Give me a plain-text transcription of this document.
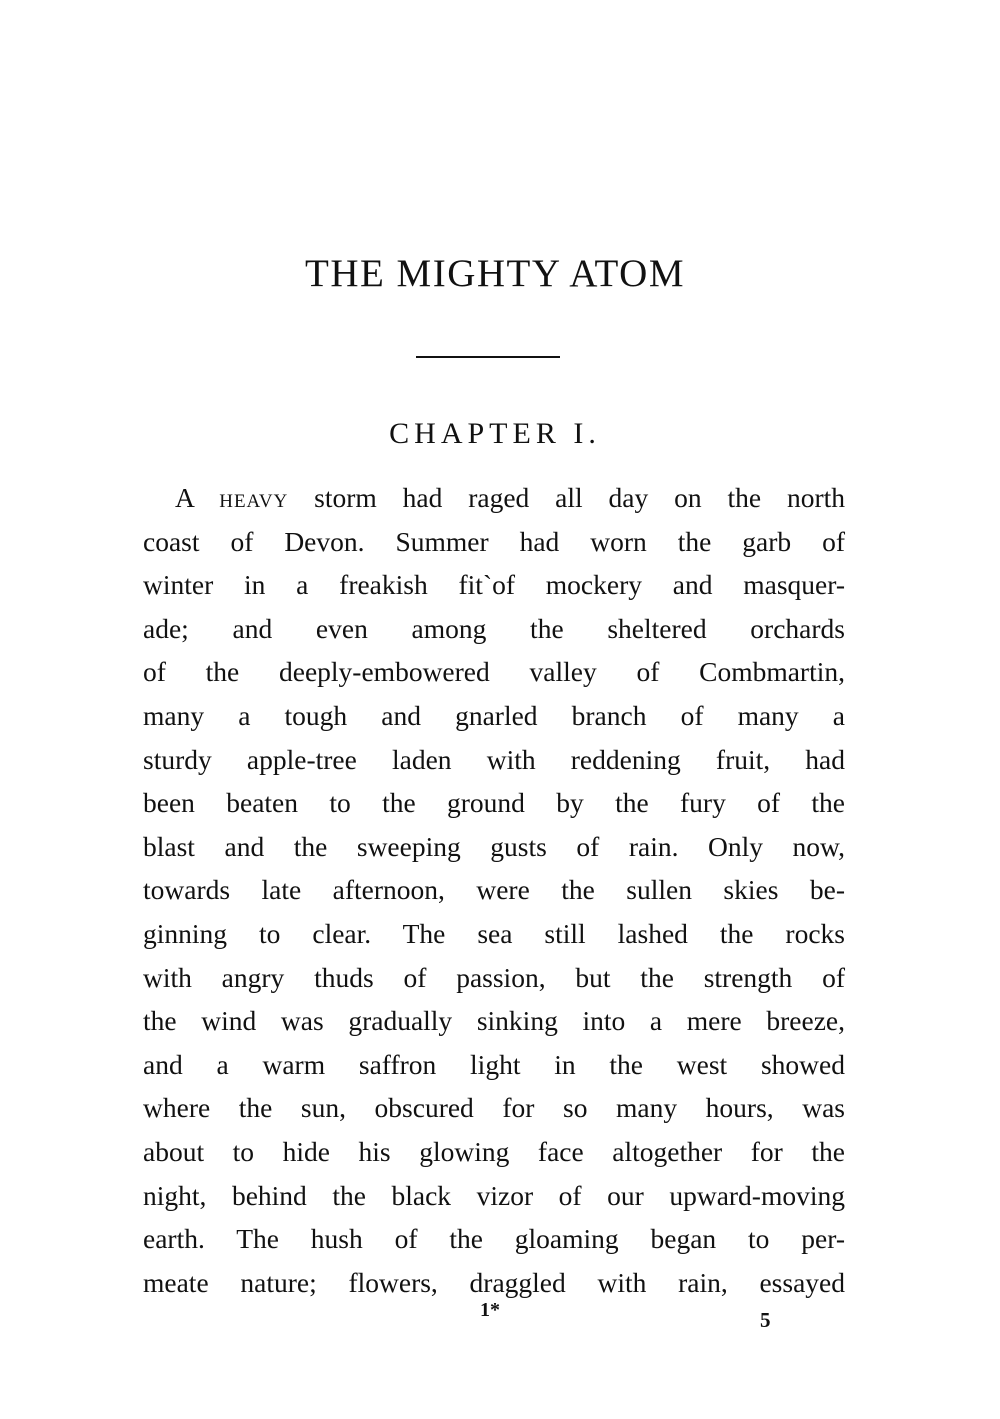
THE MIGHTY ATOM
CHAPTER I.
A heavy storm had raged all day on the north
coast of Devon. Summer had worn the garb of
winter in a freakish fit`of mockery and masquer-
ade; and even among the sheltered orchards
of the deeply-embowered valley of Combmartin,
many a tough and gnarled branch of many a
sturdy apple-tree laden with reddening fruit, had
been beaten to the ground by the fury of the
blast and the sweeping gusts of rain. Only now,
towards late afternoon, were the sullen skies be-
ginning to clear. The sea still lashed the rocks
with angry thuds of passion, but the strength of
the wind was gradually sinking into a mere breeze,
and a warm saffron light in the west showed
where the sun, obscured for so many hours, was
about to hide his glowing face altogether for the
night, behind the black vizor of our upward-moving
earth. The hush of the gloaming began to per-
meate nature; flowers, draggled with rain, essayed
1*	5
